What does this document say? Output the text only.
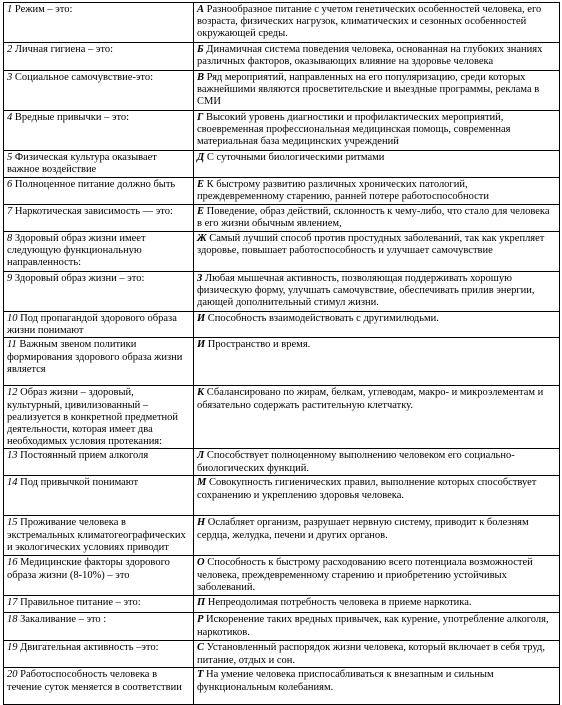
1 Режим – это:	А Разнообразное питание с учетом генетических особенностей человека, его возраста, физических нагрузок, климатических и сезонных особенностей окружающей среды.
2 Личная гигиена – это:	Б Динамичная система поведения человека, основанная на глубоких знаниях различных факторов, оказывающих влияние на здоровье человека
3 Социальное самочувствие-это:	В Ряд мероприятий, направленных на его популяризацию, среди которых важнейшими являются просветительские и выездные программы, реклама в СМИ
4 Вредные привычки – это:	Г Высокий уровень диагностики и профилактических мероприятий, своевременная профессиональная медицинская помощь, современная материальная база медицинских учреждений
5 Физическая культура оказывает важное воздействие	Д С суточными биологическими ритмами
6 Полноценное питание должно быть	Е К быстрому развитию различных хронических патологий, преждевременному старению, ранней потере работоспособности
7 Наркотическая зависимость — это:	Е Поведение, образ действий, склонность к чему-либо, что стало для человека в его жизни обычным явлением,
8 Здоровый образ жизни имеет следующую функциональную направленность:	Ж Самый лучший способ против простудных заболеваний, так как укрепляет здоровье, повышает работоспособность и улучшает самочувствие
9 Здоровый образ жизни – это:	З Любая мышечная активность, позволяющая поддерживать хорошую физическую форму, улучшать самочувствие, обеспечивать прилив энергии, дающей дополнительный стимул жизни.
10 Под пропагандой здорового образа жизни понимают	И Способность взаимодействовать с другимилюдьми.
11 Важным звеном политики формирования здорового образа жизни является	И Пространство и время.
12 Образ жизни – здоровый, культурный, цивилизованный – реализуется в конкретной предметной деятельности, которая имеет два необходимых условия протекания:	К Сбалансировано по жирам, белкам, углеводам, макро- и микроэлементам и обязательно содержать растительную клетчатку.
13 Постоянный прием алкоголя	Л Способствует полноценному выполнению человеком его социально-биологических функций.
14 Под привычкой понимают	М Совокупность гигиенических правил, выполнение которых способствует сохранению и укреплению здоровья человека.
15 Проживание человека в экстремальных климатогеографических и экологических условиях приводит	Н Ослабляет организм, разрушает нервную систему, приводит к болезням сердца, желудка, печени и других органов.
16 Медицинские факторы здорового образа жизни (8-10%) – это	О Способность к быстрому расходованию всего потенциала возможностей человека, преждевременному старению и приобретению устойчивых заболеваний.
17 Правильное питание – это:	П Непреодолимая потребность человека в приеме наркотика.
18 Закаливание – это :	Р Искоренение таких вредных привычек, как курение, употребление алкоголя, наркотиков.
19 Двигательная активность –это:	С Установленный распорядок жизни человека, который включает в себя труд, питание, отдых и сон.
20 Работоспособность человека в течение суток меняется в соответствии	Т На умение человека приспосабливаться к внезапным и сильным функциональным колебаниям.
